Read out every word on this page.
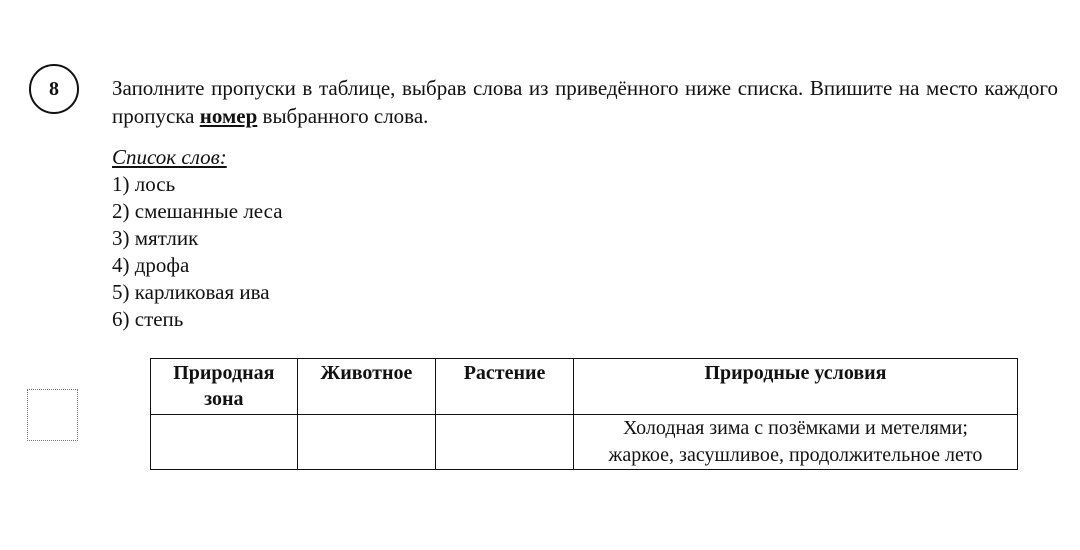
8	Заполните пропуски в таблице, выбрав слова из приведённого ниже списка. Впишите на место каждого пропуска номер выбранного слова.
Список слов:
1) лось
2) смешанные леса
3) мятлик
4) дрофа
5) карликовая ива
6) степь
Природная зона	Животное	Растение	Природные условия

			Холодная зима с позёмками и метелями;
жаркое, засушливое, продолжительное лето
